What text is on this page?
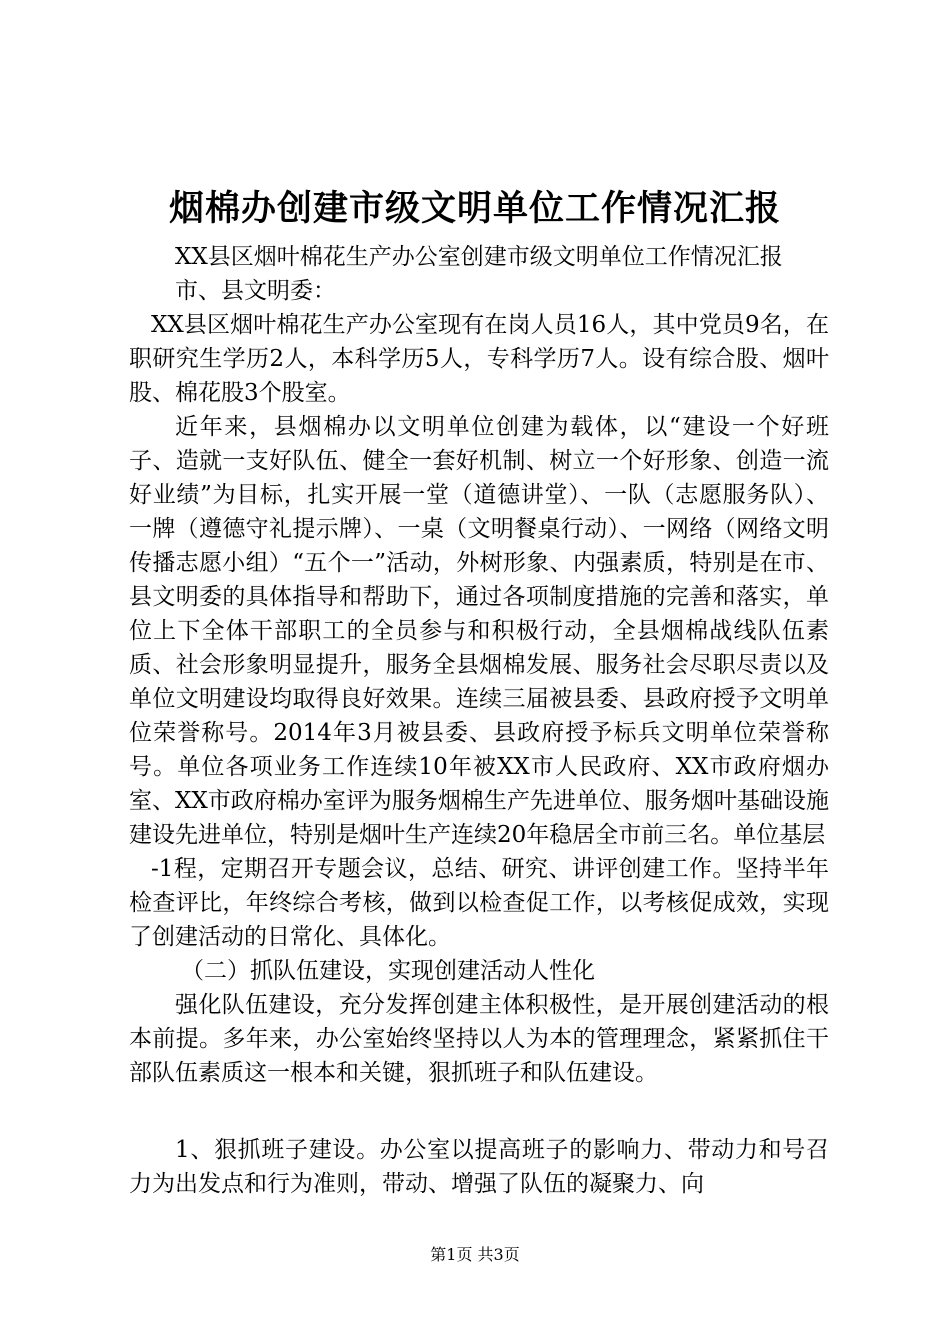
烟棉办创建市级文明单位工作情况汇报

XX县区烟叶棉花生产办公室创建市级文明单位工作情况汇报

市、县文明委：

XX县区烟叶棉花生产办公室现有在岗人员16人，其中党员9名，在职研究生学历2人，本科学历5人，专科学历7人。设有综合股、烟叶股、棉花股3个股室。

近年来，县烟棉办以文明单位创建为载体，以“建设一个好班子、造就一支好队伍、健全一套好机制、树立一个好形象、创造一流好业绩”为目标，扎实开展一堂（道德讲堂）、一队（志愿服务队）、一牌（遵德守礼提示牌）、一桌（文明餐桌行动）、一网络（网络文明传播志愿小组）“五个一”活动，外树形象、内强素质，特别是在市、县文明委的具体指导和帮助下，通过各项制度措施的完善和落实，单位上下全体干部职工的全员参与和积极行动，全县烟棉战线队伍素质、社会形象明显提升，服务全县烟棉发展、服务社会尽职尽责以及单位文明建设均取得良好效果。连续三届被县委、县政府授予文明单位荣誉称号。2014年3月被县委、县政府授予标兵文明单位荣誉称号。单位各项业务工作连续10年被XX市人民政府、XX市政府烟办室、XX市政府棉办室评为服务烟棉生产先进单位、服务烟叶基础设施建设先进单位，特别是烟叶生产连续20年稳居全市前三名。单位基层

-1程，定期召开专题会议，总结、研究、讲评创建工作。坚持半年检查评比，年终综合考核，做到以检查促工作，以考核促成效，实现了创建活动的日常化、具体化。

（二）抓队伍建设，实现创建活动人性化

强化队伍建设，充分发挥创建主体积极性，是开展创建活动的根本前提。多年来，办公室始终坚持以人为本的管理理念，紧紧抓住干部队伍素质这一根本和关键，狠抓班子和队伍建设。

1、狠抓班子建设。办公室以提高班子的影响力、带动力和号召力为出发点和行为准则，带动、增强了队伍的凝聚力、向

第1页 共3页
